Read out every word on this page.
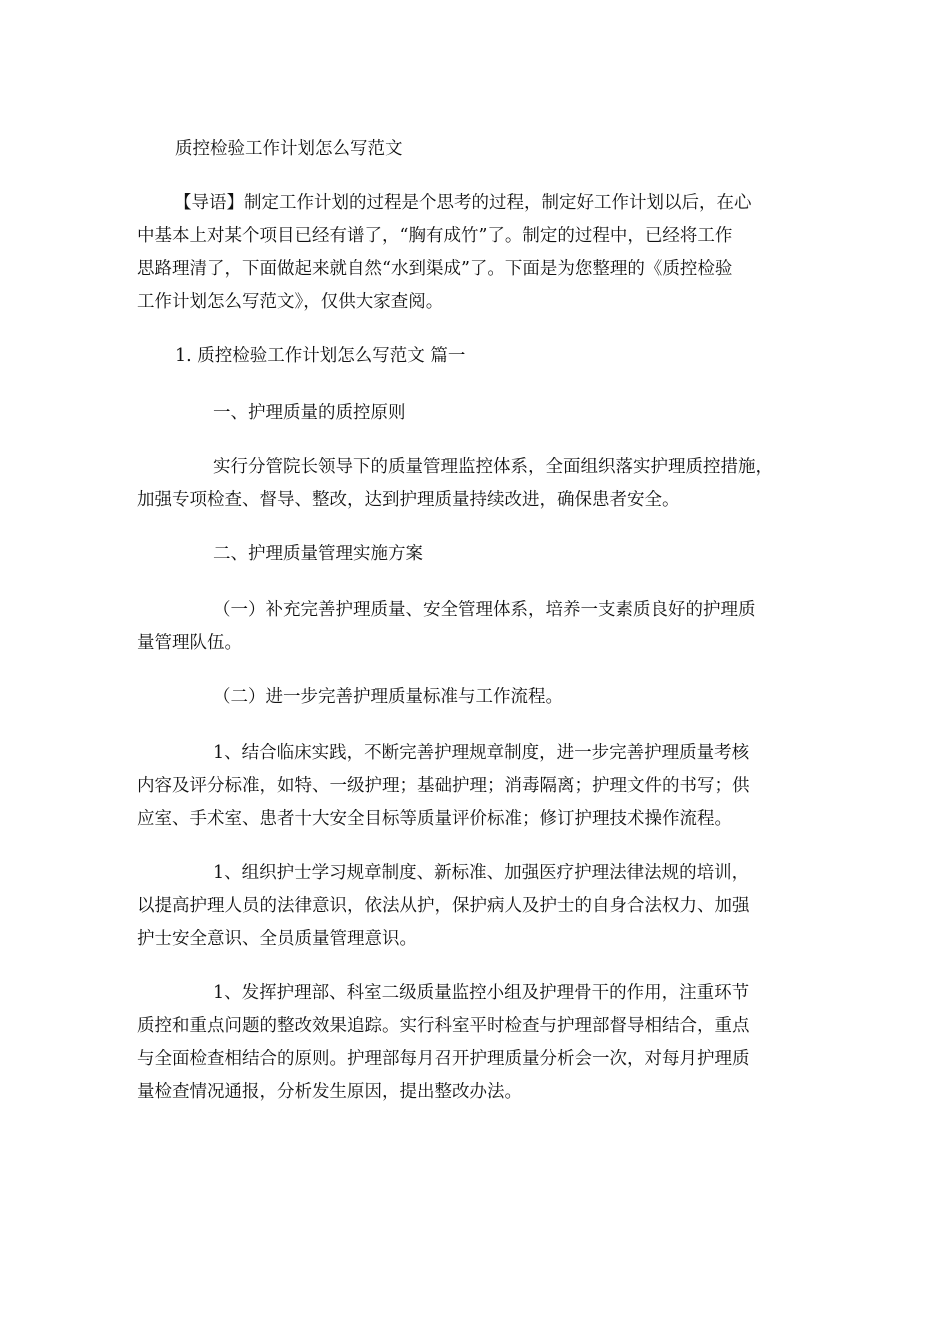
质控检验工作计划怎么写范文

【导语】制定工作计划的过程是个思考的过程，制定好工作计划以后，在心
中基本上对某个项目已经有谱了，“胸有成竹”了。制定的过程中，已经将工作
思路理清了，下面做起来就自然“水到渠成”了。下面是为您整理的《质控检验
工作计划怎么写范文》，仅供大家查阅。

1. 质控检验工作计划怎么写范文 篇一

一、护理质量的质控原则

实行分管院长领导下的质量管理监控体系，全面组织落实护理质控措施，
加强专项检查、督导、整改，达到护理质量持续改进，确保患者安全。

二、护理质量管理实施方案

（一）补充完善护理质量、安全管理体系，培养一支素质良好的护理质
量管理队伍。

（二）进一步完善护理质量标准与工作流程。

1、结合临床实践，不断完善护理规章制度，进一步完善护理质量考核
内容及评分标准，如特、一级护理；基础护理；消毒隔离；护理文件的书写；供
应室、手术室、患者十大安全目标等质量评价标准；修订护理技术操作流程。

1、组织护士学习规章制度、新标准、加强医疗护理法律法规的培训，
以提高护理人员的法律意识，依法从护，保护病人及护士的自身合法权力、加强
护士安全意识、全员质量管理意识。

1、发挥护理部、科室二级质量监控小组及护理骨干的作用，注重环节
质控和重点问题的整改效果追踪。实行科室平时检查与护理部督导相结合，重点
与全面检查相结合的原则。护理部每月召开护理质量分析会一次，对每月护理质
量检查情况通报，分析发生原因，提出整改办法。
